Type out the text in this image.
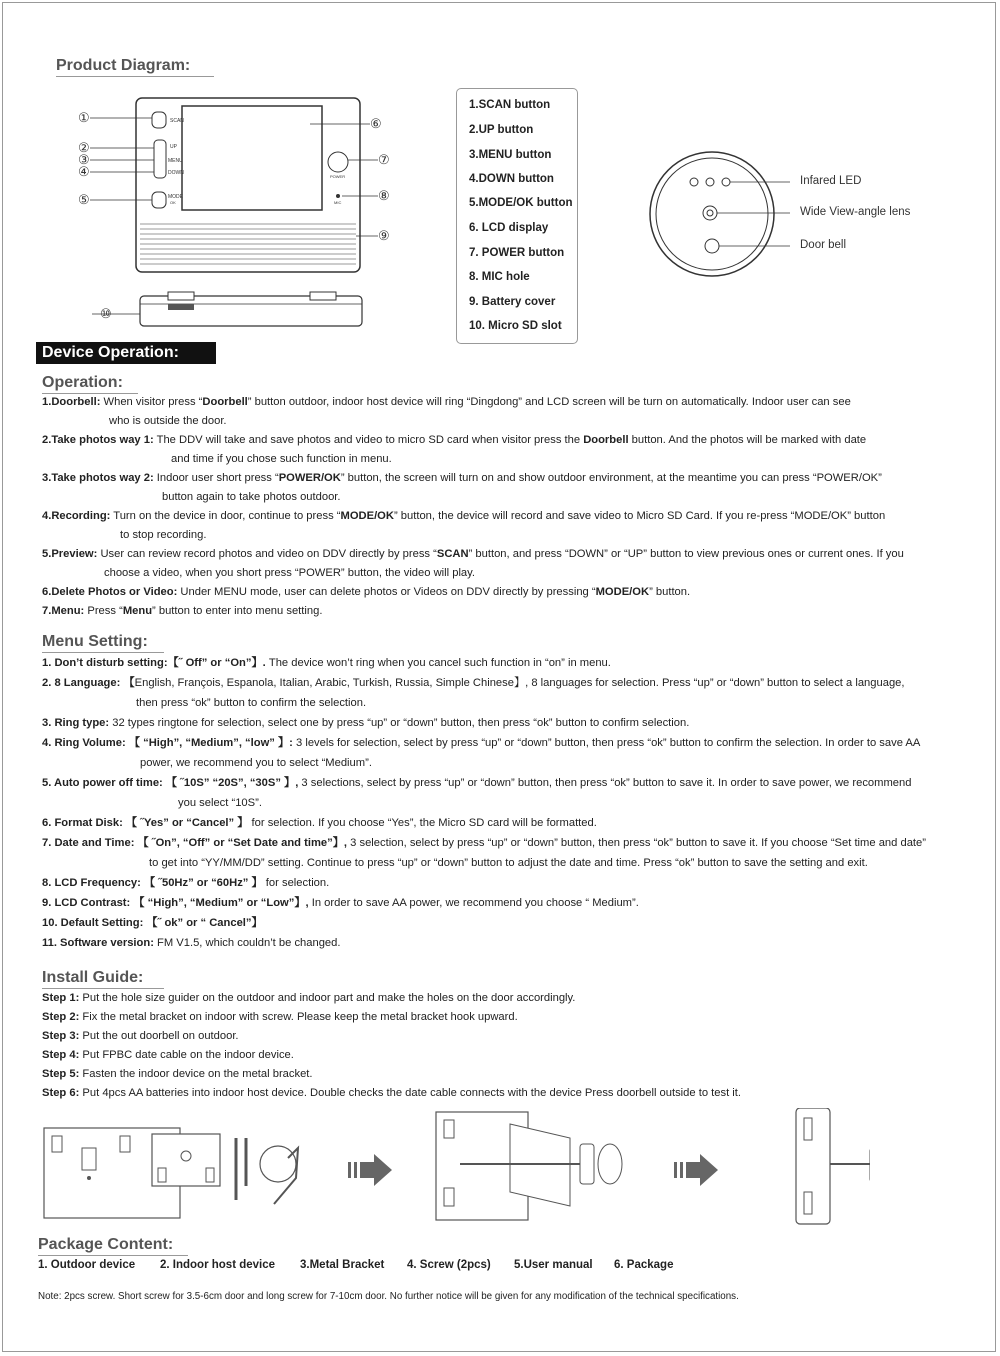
Product Diagram:
SCAN
UP
MENU
DOWN
MODE
OK
POWER
MIC
①
②
③
④
⑤
⑥
⑦
⑧
⑨
⑩
1.SCAN button
2.UP button
3.MENU button
4.DOWN button
5.MODE/OK button
6. LCD display
7. POWER button
8. MIC hole
9. Battery cover
10. Micro SD slot
Infared LED
Wide View-angle lens
Door bell
Device Operation:
Operation:
1.Doorbell: When visitor press “Doorbell” button outdoor, indoor host device will ring “Dingdong” and LCD screen will be turn on automatically. Indoor user can see
who is outside the door.
2.Take photos way 1: The DDV will take and save photos and video to micro SD card when visitor press the Doorbell button. And the photos will be marked with date
and time if you chose such function in menu.
3.Take photos way 2: Indoor user short press “POWER/OK” button, the screen will turn on and show outdoor environment, at the meantime you can press “POWER/OK”
button again to take photos outdoor.
4.Recording: Turn on the device in door, continue to press “MODE/OK” button, the device will record and save video to Micro SD Card. If you re-press “MODE/OK” button
to stop recording.
5.Preview: User can review record photos and video on DDV directly by press “SCAN” button, and press “DOWN” or “UP” button to view previous ones or current ones. If you
choose a video, when you short press “POWER” button, the video will play.
6.Delete Photos or Video: Under MENU mode, user can delete photos or Videos on DDV directly by pressing “MODE/OK” button.
7.Menu: Press “Menu” button to enter into menu setting.
Menu Setting:
1. Don’t disturb setting:【˝ Off” or “On”】. The device won’t ring when you cancel such function in “on” in menu.
2. 8 Language: 【English, François, Espanola, Italian, Arabic, Turkish, Russia, Simple Chinese】, 8 languages for selection. Press “up” or “down” button to select a language,
then press “ok” button to confirm the selection.
3. Ring type: 32 types ringtone for selection, select one by press “up” or “down” button, then press “ok” button to confirm selection.
4. Ring Volume: 【 “High”, “Medium”, “low” 】: 3 levels for selection, select by press “up” or “down” button, then press “ok” button to confirm the selection. In order to save AA
power, we recommend you to select “Medium”.
5. Auto power off time: 【 ˝10S” “20S”, “30S” 】, 3 selections, select by press “up” or “down” button, then press “ok” button to save it. In order to save power, we recommend
you select “10S”.
6. Format Disk: 【 ˝Yes” or “Cancel” 】 for selection. If you choose “Yes”, the Micro SD card will be formatted.
7. Date and Time: 【 ˝On”, “Off” or “Set Date and time”】, 3 selection, select by press “up” or “down” button, then press “ok” button to save it. If you choose “Set time and date”
to get into “YY/MM/DD” setting. Continue to press “up” or “down” button to adjust the date and time. Press “ok” button to save the setting and exit.
8. LCD Frequency: 【 ˝50Hz” or “60Hz” 】 for selection.
9. LCD Contrast: 【 “High”, “Medium” or “Low”】, In order to save AA power, we recommend you choose “ Medium”.
10. Default Setting: 【˝ ok” or “ Cancel”】
11. Software version: FM V1.5, which couldn’t be changed.
Install Guide:
Step 1: Put the hole size guider on the outdoor and indoor part and make the holes on the door accordingly.
Step 2: Fix the metal bracket on indoor with screw. Please keep the metal bracket hook upward.
Step 3: Put the out doorbell on outdoor.
Step 4: Put FPBC date cable on the indoor device.
Step 5: Fasten the indoor device on the metal bracket.
Step 6: Put 4pcs AA batteries into indoor host device. Double checks the date cable connects with the device Press doorbell outside to test it.
Package Content:
1. Outdoor device 2. Indoor host device 3.Metal Bracket 4. Screw (2pcs) 5.User manual 6. Package
Note: 2pcs screw. Short screw for 3.5-6cm door and long screw for 7-10cm door. No further notice will be given for any modification of the technical specifications.
